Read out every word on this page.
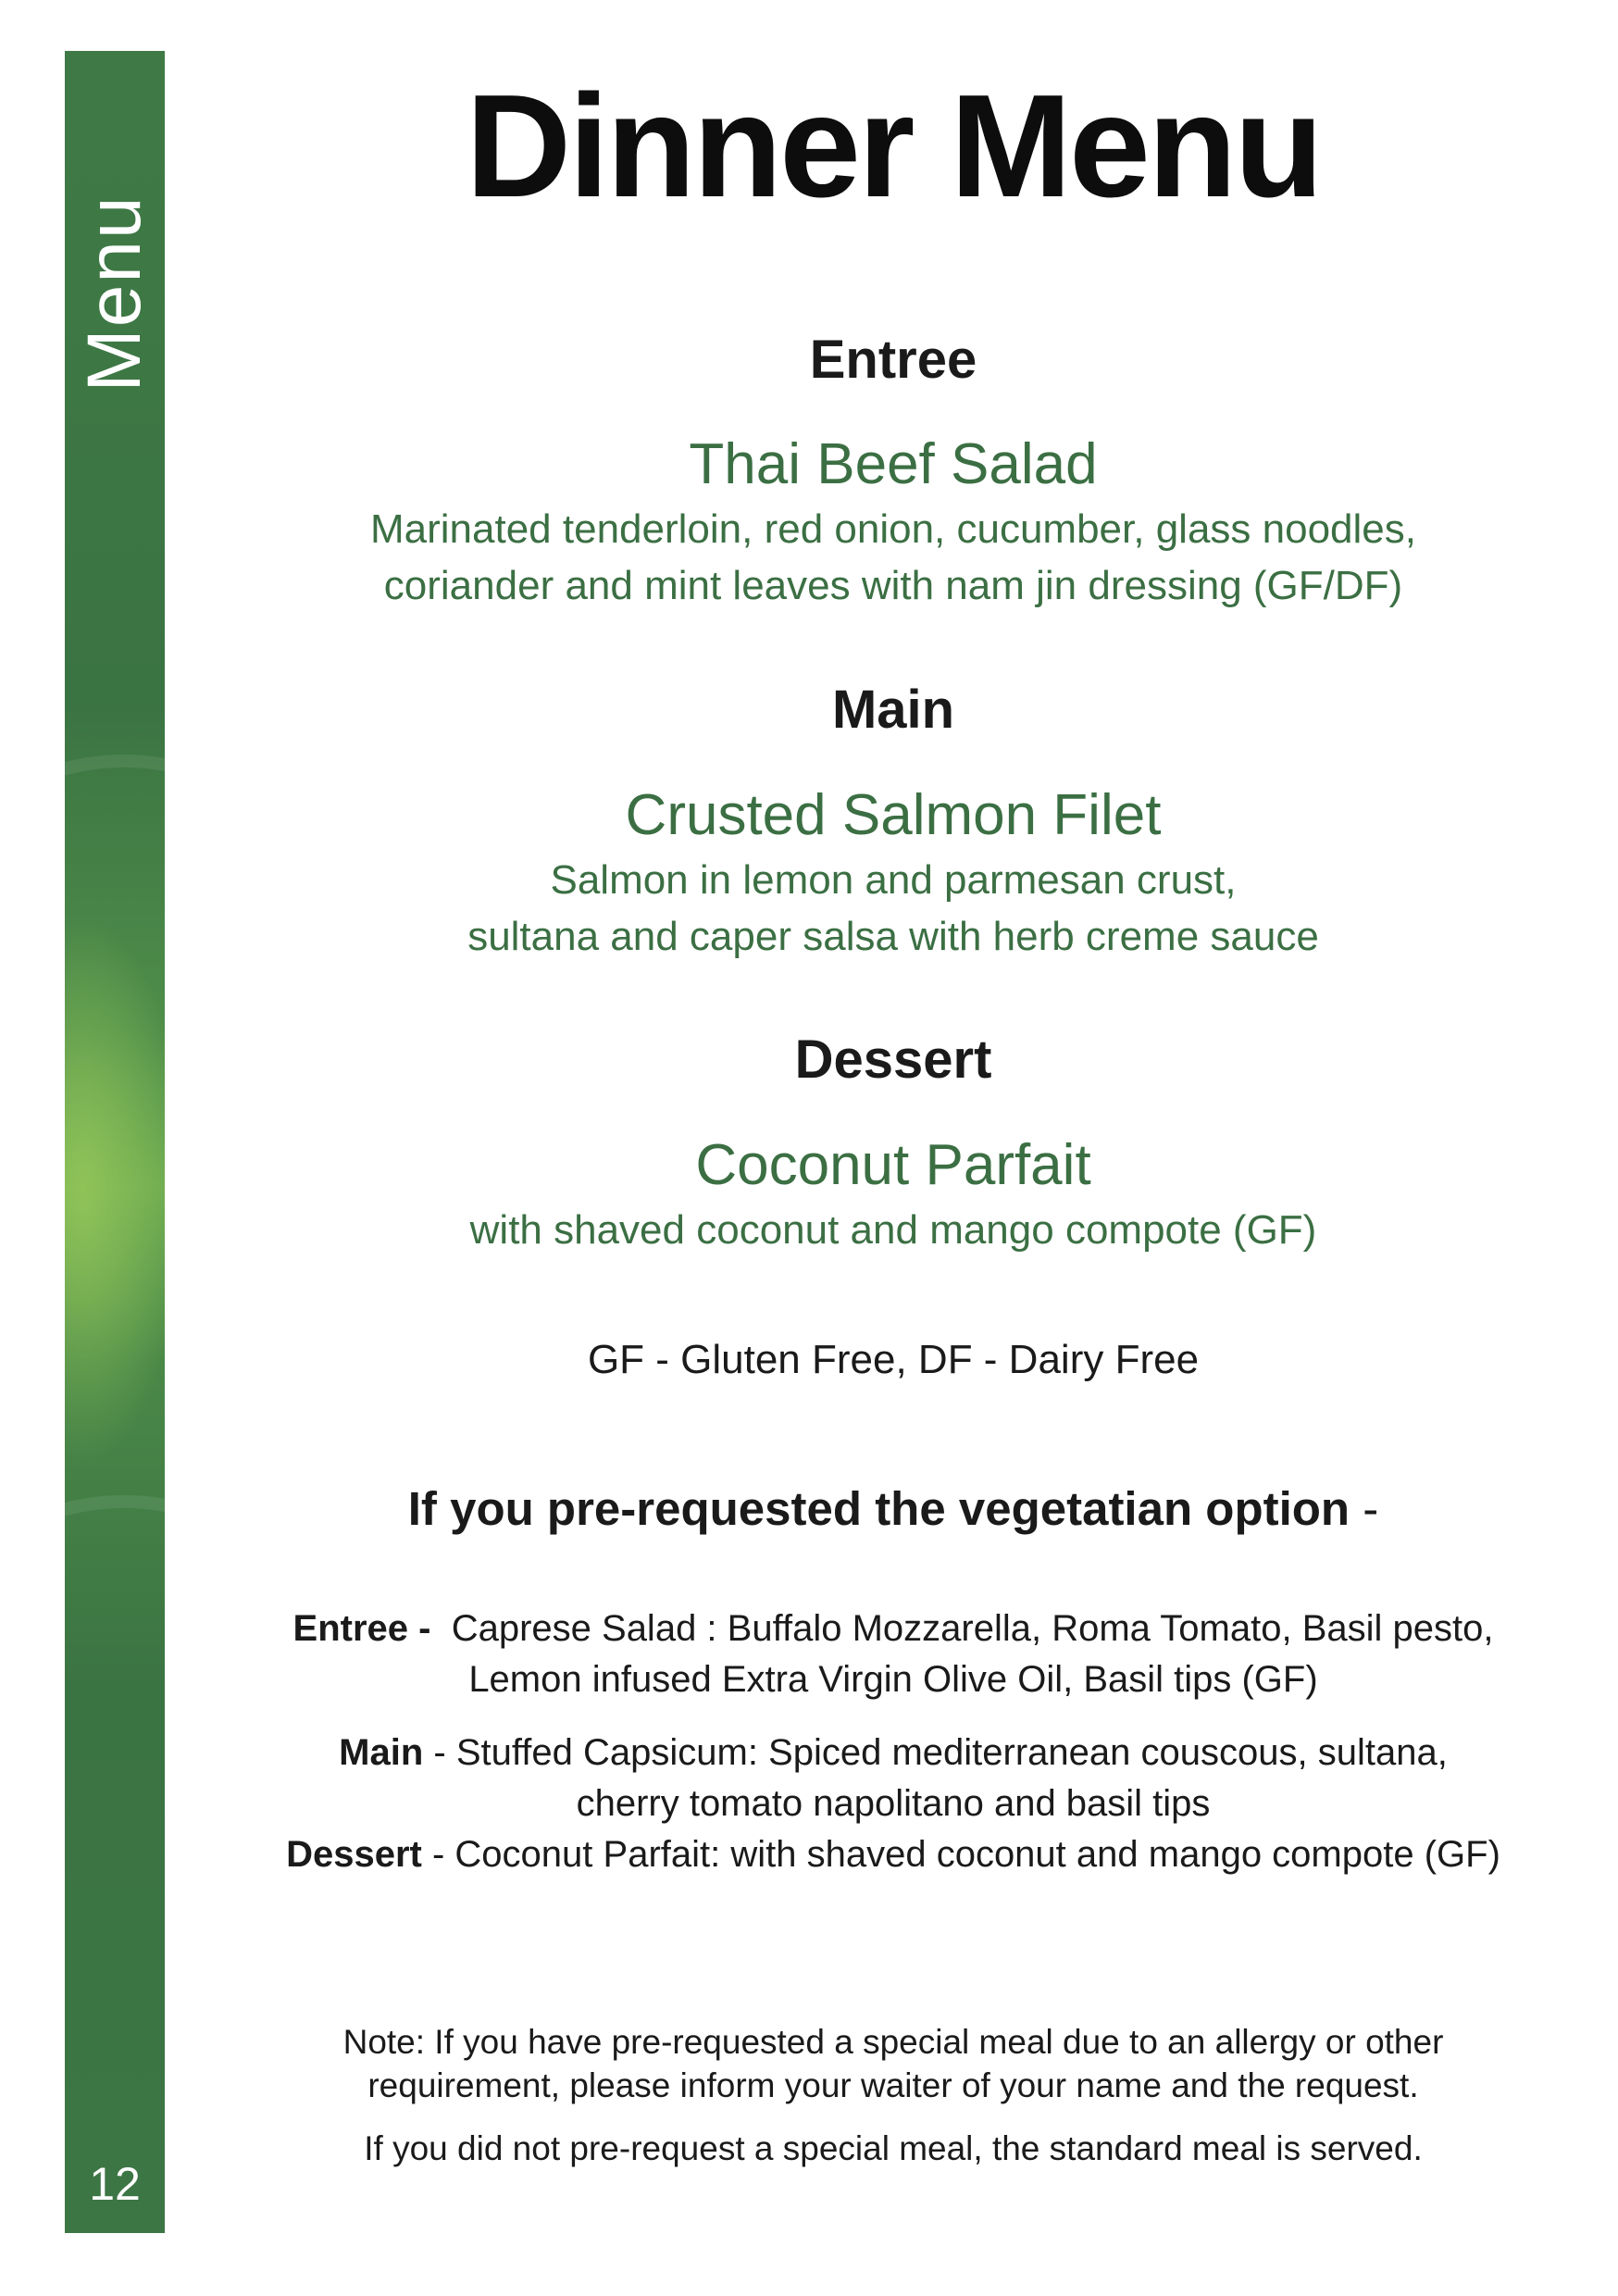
Menu
12
Dinner Menu
Entree
Thai Beef Salad
Marinated tenderloin, red onion, cucumber, glass noodles,
coriander and mint leaves with nam jin dressing (GF/DF)
Main
Crusted Salmon Filet
Salmon in lemon and parmesan crust,
sultana and caper salsa with herb creme sauce
Dessert
Coconut Parfait
with shaved coconut and mango compote (GF)
GF - Gluten Free, DF - Dairy Free
If you pre-requested the vegetatian option -
Entree - Caprese Salad : Buffalo Mozzarella, Roma Tomato, Basil pesto,
Lemon infused Extra Virgin Olive Oil, Basil tips (GF)
Main - Stuffed Capsicum: Spiced mediterranean couscous, sultana,
cherry tomato napolitano and basil tips
Dessert - Coconut Parfait: with shaved coconut and mango compote (GF)
Note: If you have pre-requested a special meal due to an allergy or other
requirement, please inform your waiter of your name and the request.
If you did not pre-request a special meal, the standard meal is served.
